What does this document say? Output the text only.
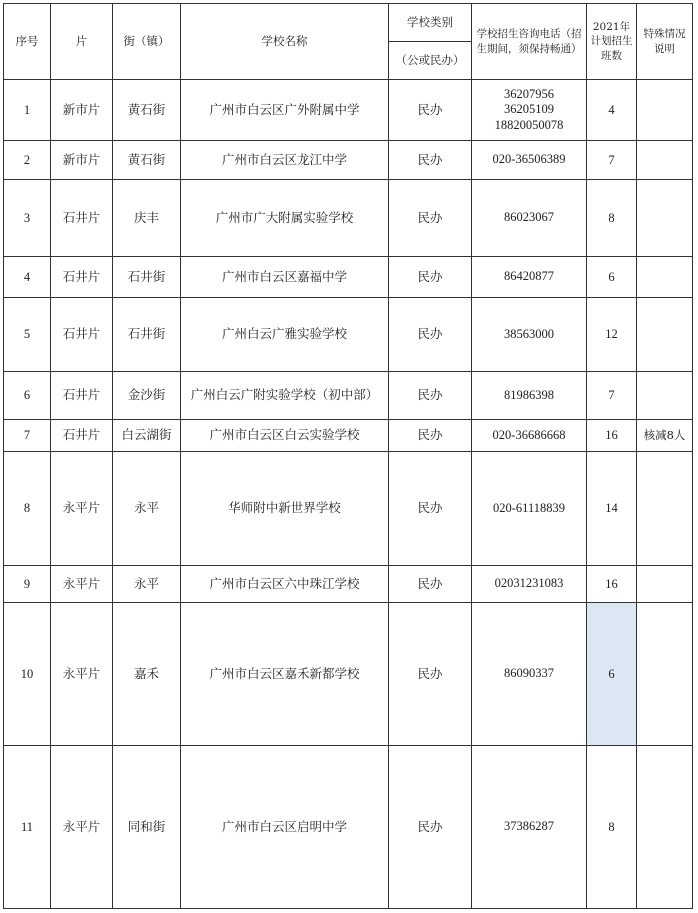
序号	片	街（镇）	学校名称	学校类别	学校招生咨询电话（招生期间，须保持畅通）	2021年计划招生班数	特殊情况说明
				（公或民办）			
1	新市片	黄石街	广州市白云区广外附属中学	民办	36207956
36205109
18820050078	4	
2	新市片	黄石街	广州市白云区龙江中学	民办	020-36506389	7	
3	石井片	庆丰	广州市广大附属实验学校	民办	86023067	8	
4	石井片	石井街	广州市白云区嘉福中学	民办	86420877	6	
5	石井片	石井街	广州白云广雅实验学校	民办	38563000	12	
6	石井片	金沙街	广州白云广附实验学校（初中部）	民办	81986398	7	
7	石井片	白云湖街	广州市白云区白云实验学校	民办	020-36686668	16	核减8人
8	永平片	永平	华师附中新世界学校	民办	020-61118839	14	
9	永平片	永平	广州市白云区六中珠江学校	民办	02031231083	16	
10	永平片	嘉禾	广州市白云区嘉禾新都学校	民办	86090337	6	
11	永平片	同和街	广州市白云区启明中学	民办	37386287	8	
